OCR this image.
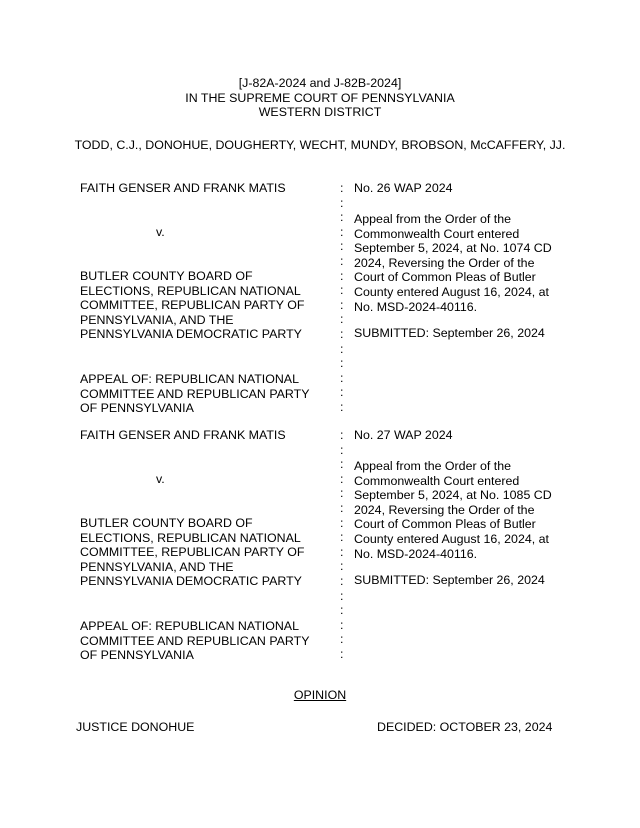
[J-82A-2024 and J-82B-2024]
IN THE SUPREME COURT OF PENNSYLVANIA
WESTERN DISTRICT
TODD, C.J., DONOHUE, DOUGHERTY, WECHT, MUNDY, BROBSON, McCAFFERY, JJ.
FAITH GENSER AND FRANK MATIS
v.
BUTLER COUNTY BOARD OF
ELECTIONS, REPUBLICAN NATIONAL
COMMITTEE, REPUBLICAN PARTY OF
PENNSYLVANIA, AND THE
PENNSYLVANIA DEMOCRATIC PARTY
APPEAL OF: REPUBLICAN NATIONAL
COMMITTEE AND REPUBLICAN PARTY
OF PENNSYLVANIA
:
:
:
:
:
:
:
:
:
:
:
:
:
:
:
:
No. 26 WAP 2024
Appeal from the Order of the
Commonwealth Court entered
September 5, 2024, at No. 1074 CD
2024, Reversing the Order of the
Court of Common Pleas of Butler
County entered August 16, 2024, at
No. MSD-2024-40116.
SUBMITTED: September 26, 2024
FAITH GENSER AND FRANK MATIS
v.
BUTLER COUNTY BOARD OF
ELECTIONS, REPUBLICAN NATIONAL
COMMITTEE, REPUBLICAN PARTY OF
PENNSYLVANIA, AND THE
PENNSYLVANIA DEMOCRATIC PARTY
APPEAL OF: REPUBLICAN NATIONAL
COMMITTEE AND REPUBLICAN PARTY
OF PENNSYLVANIA
:
:
:
:
:
:
:
:
:
:
:
:
:
:
:
:
No. 27 WAP 2024
Appeal from the Order of the
Commonwealth Court entered
September 5, 2024, at No. 1085 CD
2024, Reversing the Order of the
Court of Common Pleas of Butler
County entered August 16, 2024, at
No. MSD-2024-40116.
SUBMITTED: September 26, 2024
OPINION
JUSTICE DONOHUE	DECIDED: OCTOBER 23, 2024
